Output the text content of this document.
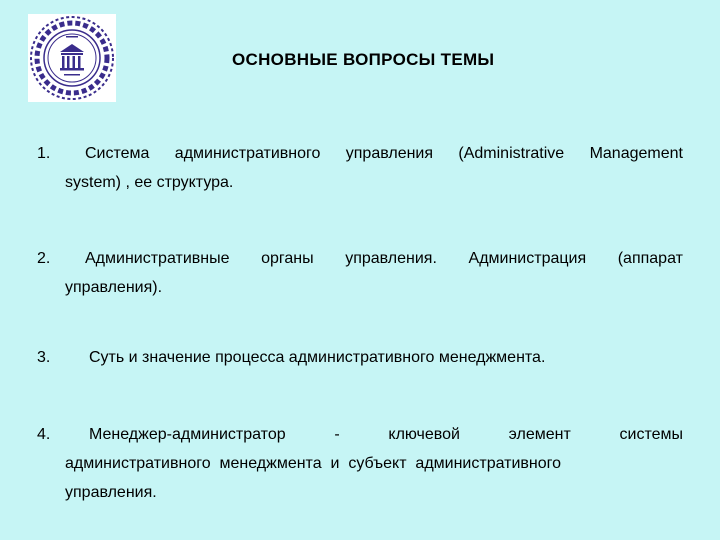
ОСНОВНЫЕ ВОПРОСЫ ТЕМЫ
1. Система административного управления (Administrative Management
system) , ее структура.
2. Административные органы управления. Администрация (аппарат
управления).
3.	Суть и значение процесса административного менеджмента.
4. Менеджер-администратор	-	ключевой	элемент	системы
административного  менеджмента  и  субъект  административного
управления.
